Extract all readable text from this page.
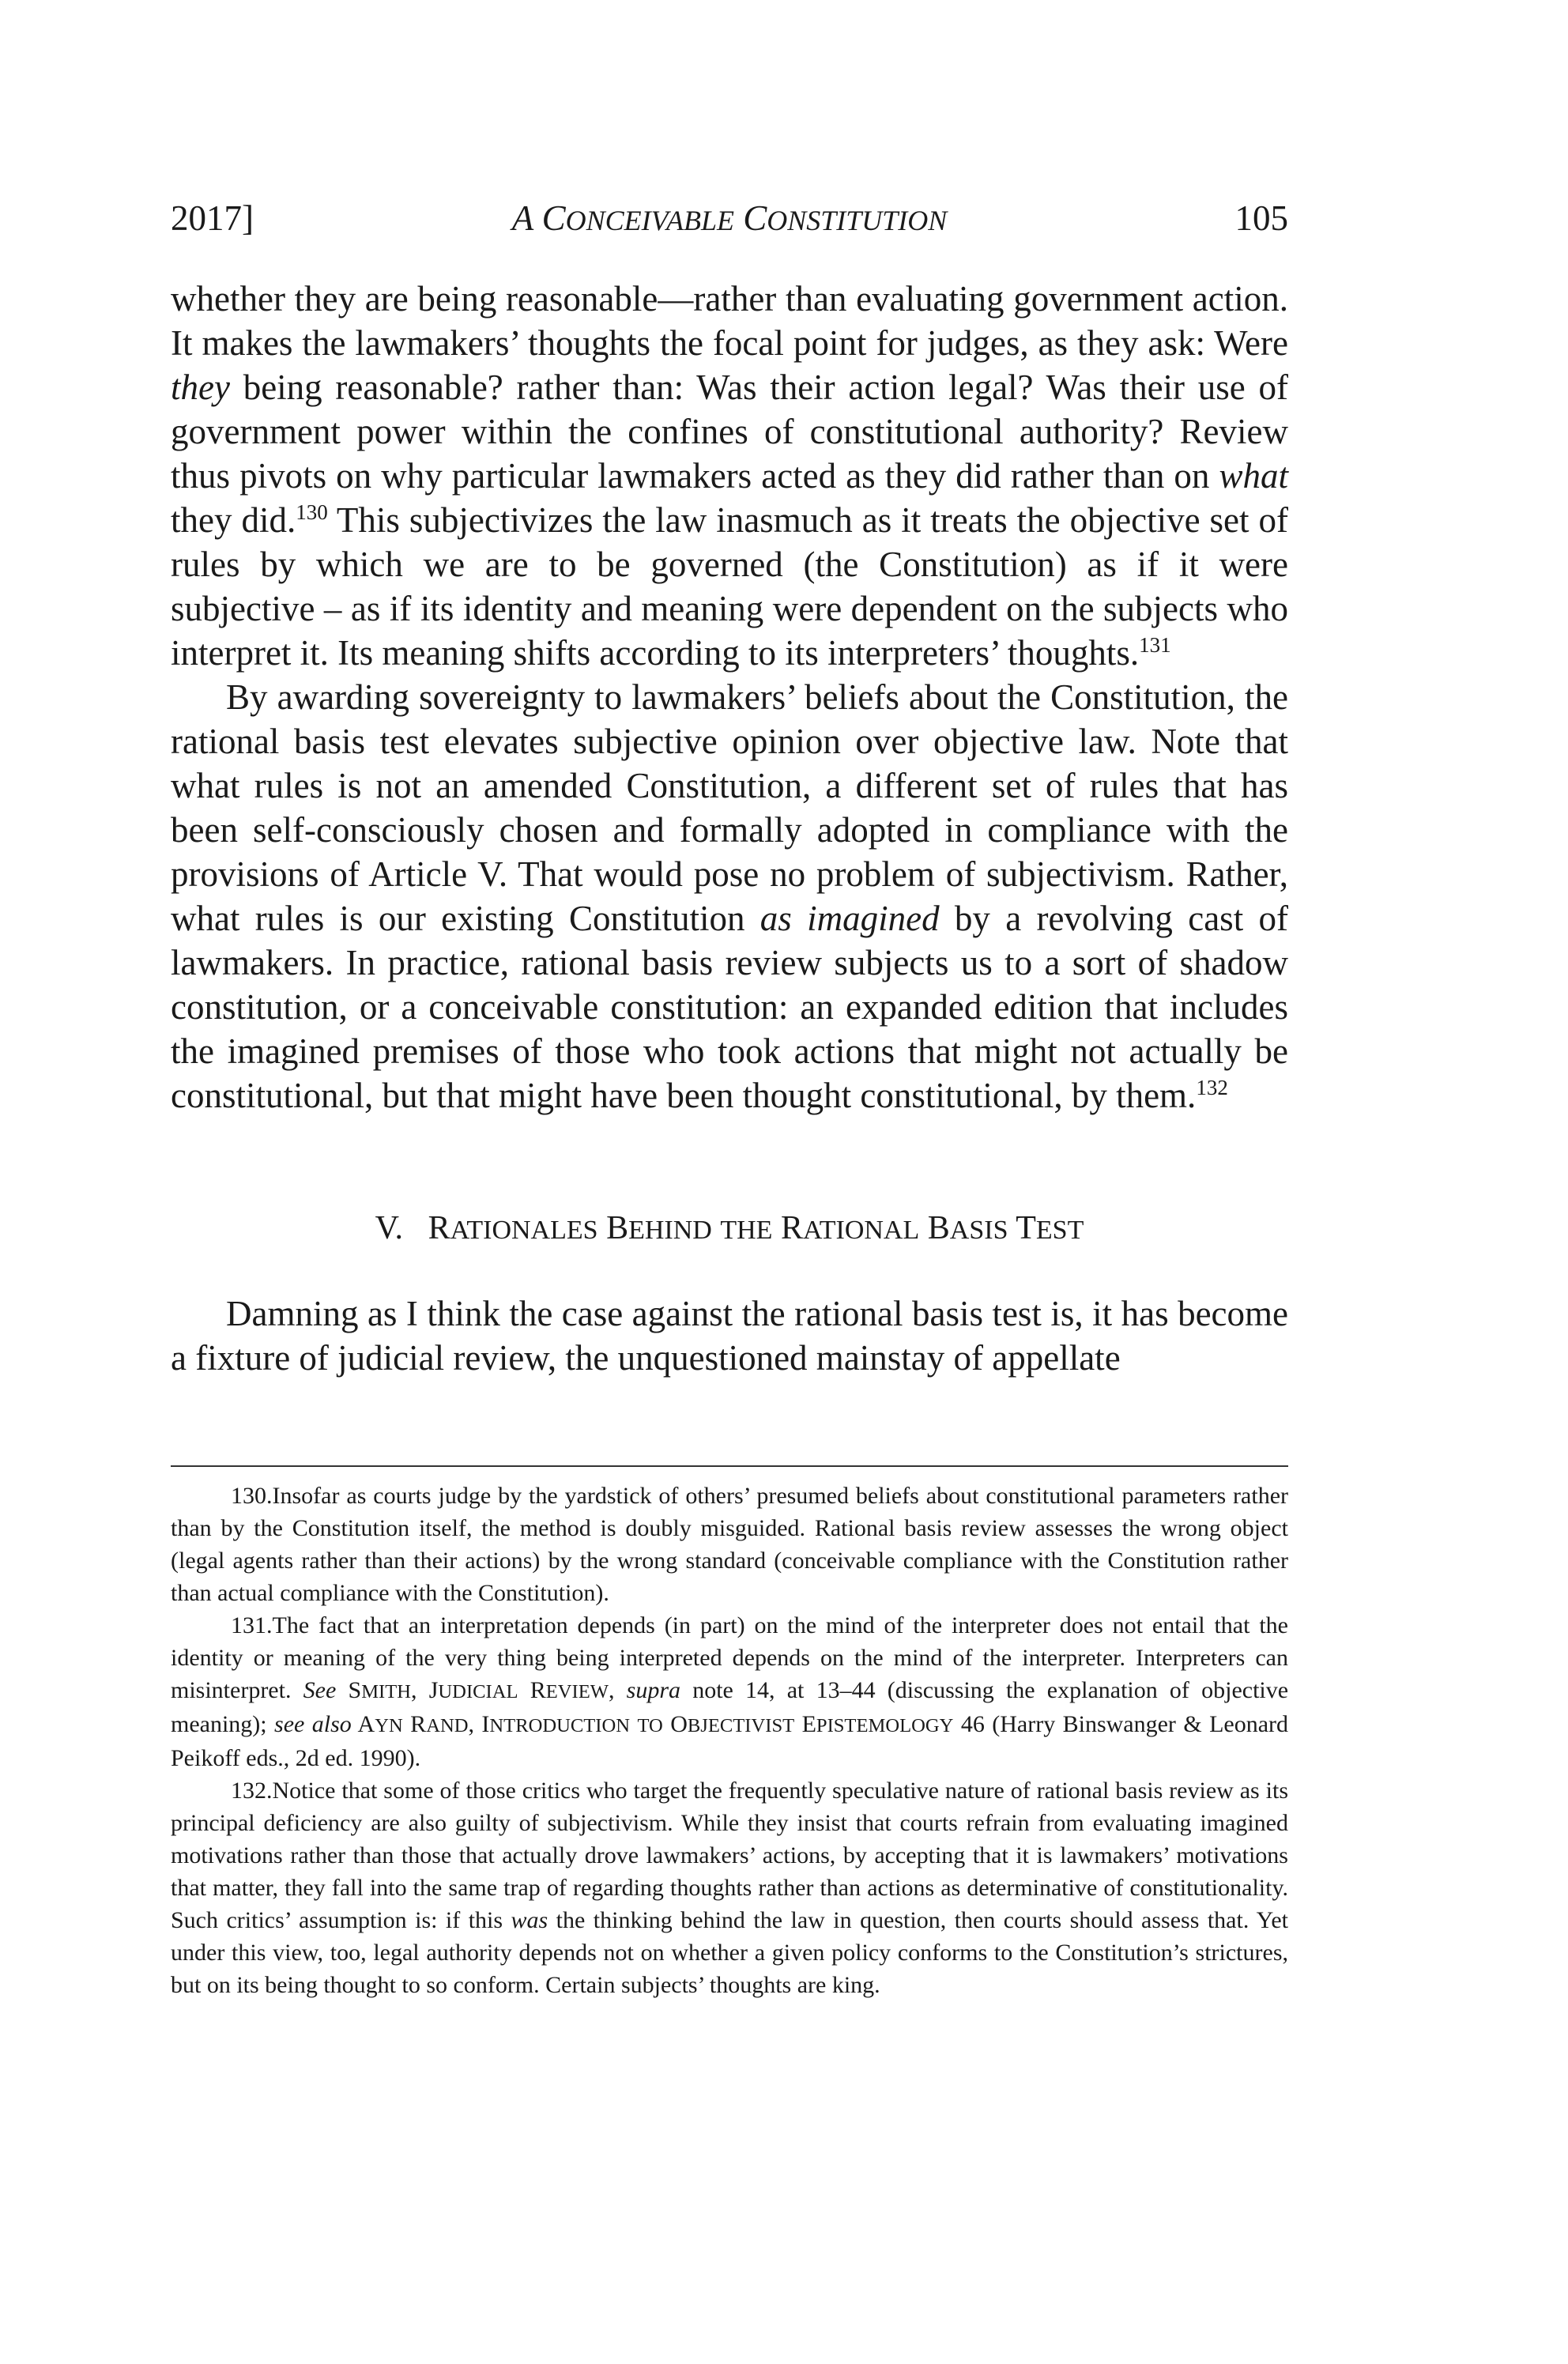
2017]	A CONCEIVABLE CONSTITUTION	105

whether they are being reasonable—rather than evaluating government action. It makes the lawmakers’ thoughts the focal point for judges, as they ask: Were they being reasonable? rather than: Was their action legal? Was their use of government power within the confines of constitutional authority? Review thus pivots on why particular lawmakers acted as they did rather than on what they did.$^{130}$ This subjectivizes the law inasmuch as it treats the objective set of rules by which we are to be governed (the Constitution) as if it were subjective – as if its identity and meaning were dependent on the subjects who interpret it. Its meaning shifts according to its interpreters’ thoughts.$^{131}$

By awarding sovereignty to lawmakers’ beliefs about the Constitution, the rational basis test elevates subjective opinion over objective law. Note that what rules is not an amended Constitution, a different set of rules that has been self-consciously chosen and formally adopted in compliance with the provisions of Article V. That would pose no problem of subjectivism. Rather, what rules is our existing Constitution as imagined by a revolving cast of lawmakers. In practice, rational basis review subjects us to a sort of shadow constitution, or a conceivable constitution: an expanded edition that includes the imagined premises of those who took actions that might not actually be constitutional, but that might have been thought constitutional, by them.$^{132}$

V. RATIONALES BEHIND THE RATIONAL BASIS TEST

Damning as I think the case against the rational basis test is, it has become a fixture of judicial review, the unquestioned mainstay of appellate

130.Insofar as courts judge by the yardstick of others’ presumed beliefs about constitutional parameters rather than by the Constitution itself, the method is doubly misguided. Rational basis review assesses the wrong object (legal agents rather than their actions) by the wrong standard (conceivable compliance with the Constitution rather than actual compliance with the Constitution).

131.The fact that an interpretation depends (in part) on the mind of the interpreter does not entail that the identity or meaning of the very thing being interpreted depends on the mind of the interpreter. Interpreters can misinterpret. See SMITH, JUDICIAL REVIEW, supra note 14, at 13–44 (discussing the explanation of objective meaning); see also AYN RAND, INTRODUCTION TO OBJECTIVIST EPISTEMOLOGY 46 (Harry Binswanger & Leonard Peikoff eds., 2d ed. 1990).

132.Notice that some of those critics who target the frequently speculative nature of rational basis review as its principal deficiency are also guilty of subjectivism. While they insist that courts refrain from evaluating imagined motivations rather than those that actually drove lawmakers’ actions, by accepting that it is lawmakers’ motivations that matter, they fall into the same trap of regarding thoughts rather than actions as determinative of constitutionality. Such critics’ assumption is: if this was the thinking behind the law in question, then courts should assess that. Yet under this view, too, legal authority depends not on whether a given policy conforms to the Constitution’s strictures, but on its being thought to so conform. Certain subjects’ thoughts are king.
